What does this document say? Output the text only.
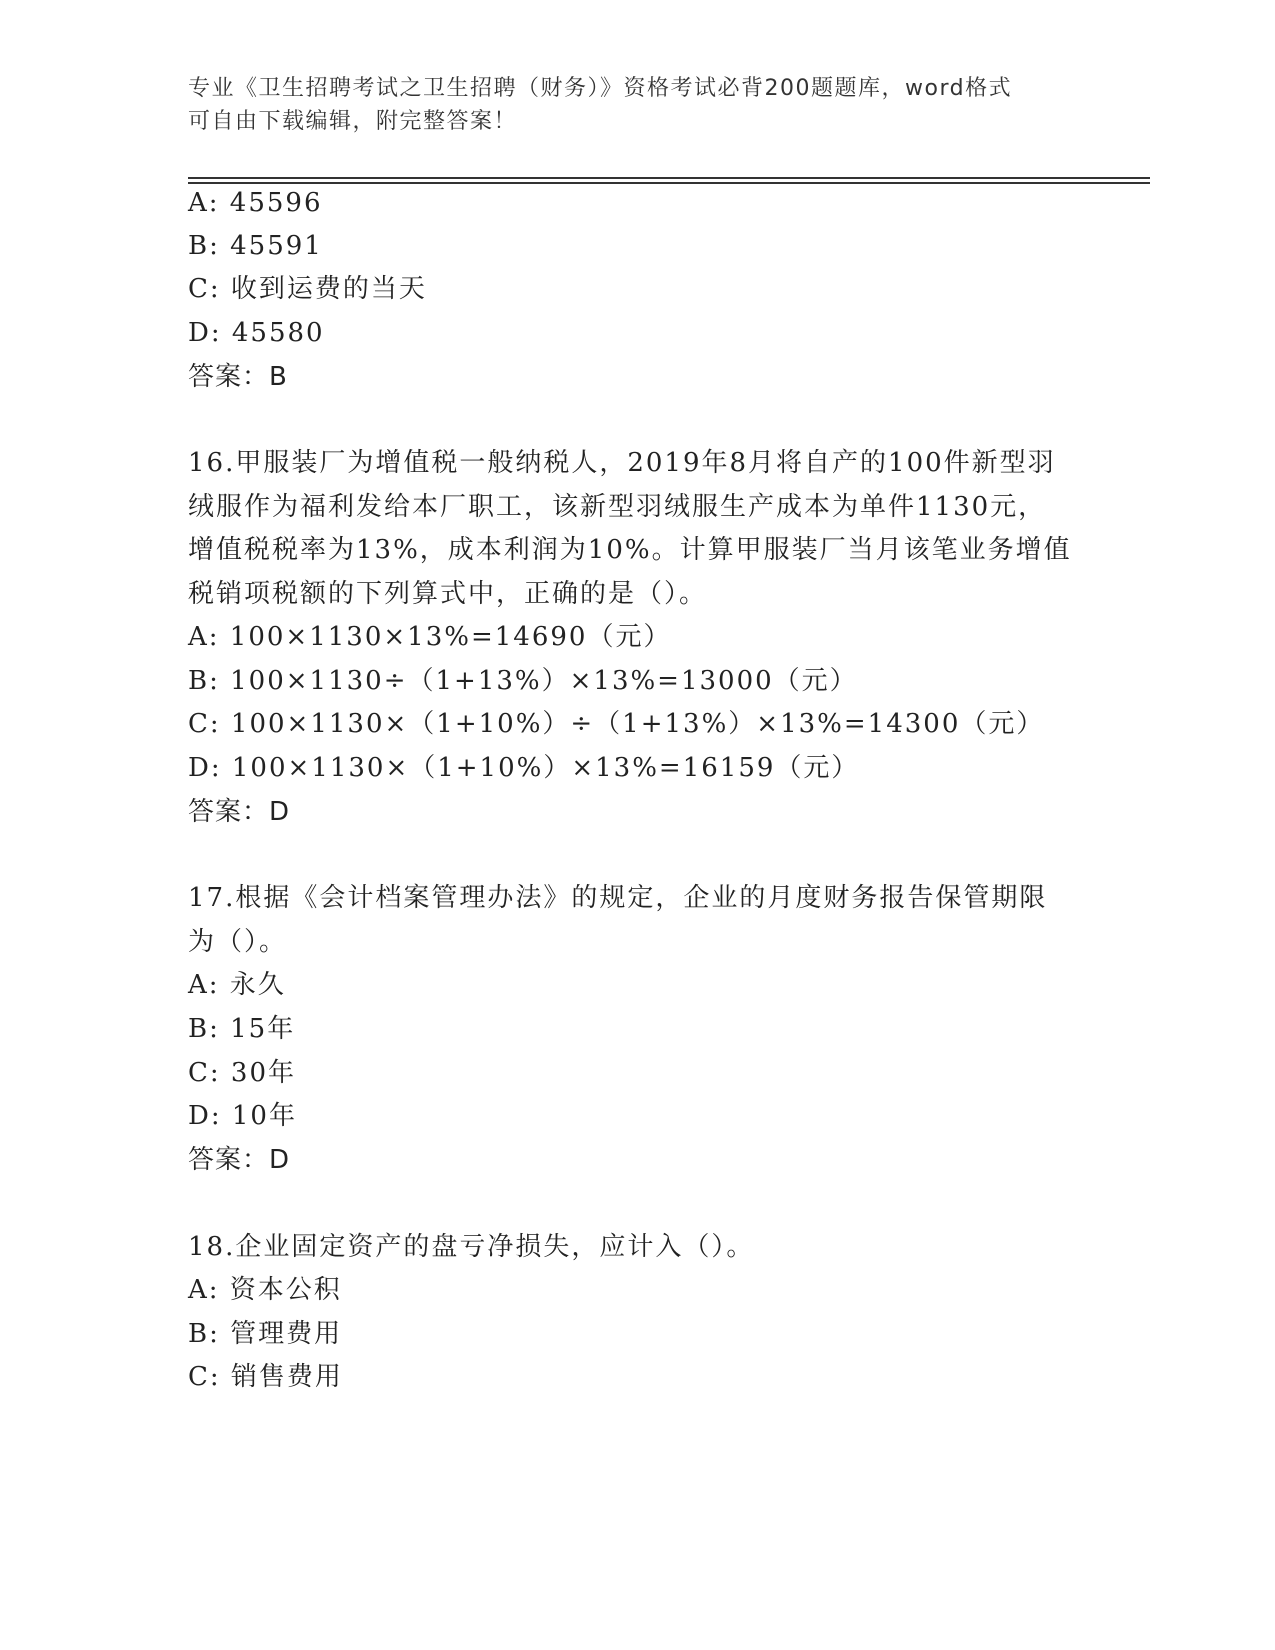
专业《卫生招聘考试之卫生招聘（财务）》资格考试必背200题题库，word格式
可自由下载编辑，附完整答案！
A: 45596
B: 45591
C: 收到运费的当天
D: 45580
答案：B
16.甲服装厂为增值税一般纳税人，2019年8月将自产的100件新型羽
绒服作为福利发给本厂职工，该新型羽绒服生产成本为单件1130元，
增值税税率为13%，成本利润为10%。计算甲服装厂当月该笔业务增值
税销项税额的下列算式中，正确的是（）。
A: 100×1130×13%=14690（元）
B: 100×1130÷（1+13%）×13%=13000（元）
C: 100×1130×（1+10%）÷（1+13%）×13%=14300（元）
D: 100×1130×（1+10%）×13%=16159（元）
答案：D
17.根据《会计档案管理办法》的规定，企业的月度财务报告保管期限
为（）。
A: 永久
B: 15年
C: 30年
D: 10年
答案：D
18.企业固定资产的盘亏净损失，应计入（）。
A: 资本公积
B: 管理费用
C: 销售费用
